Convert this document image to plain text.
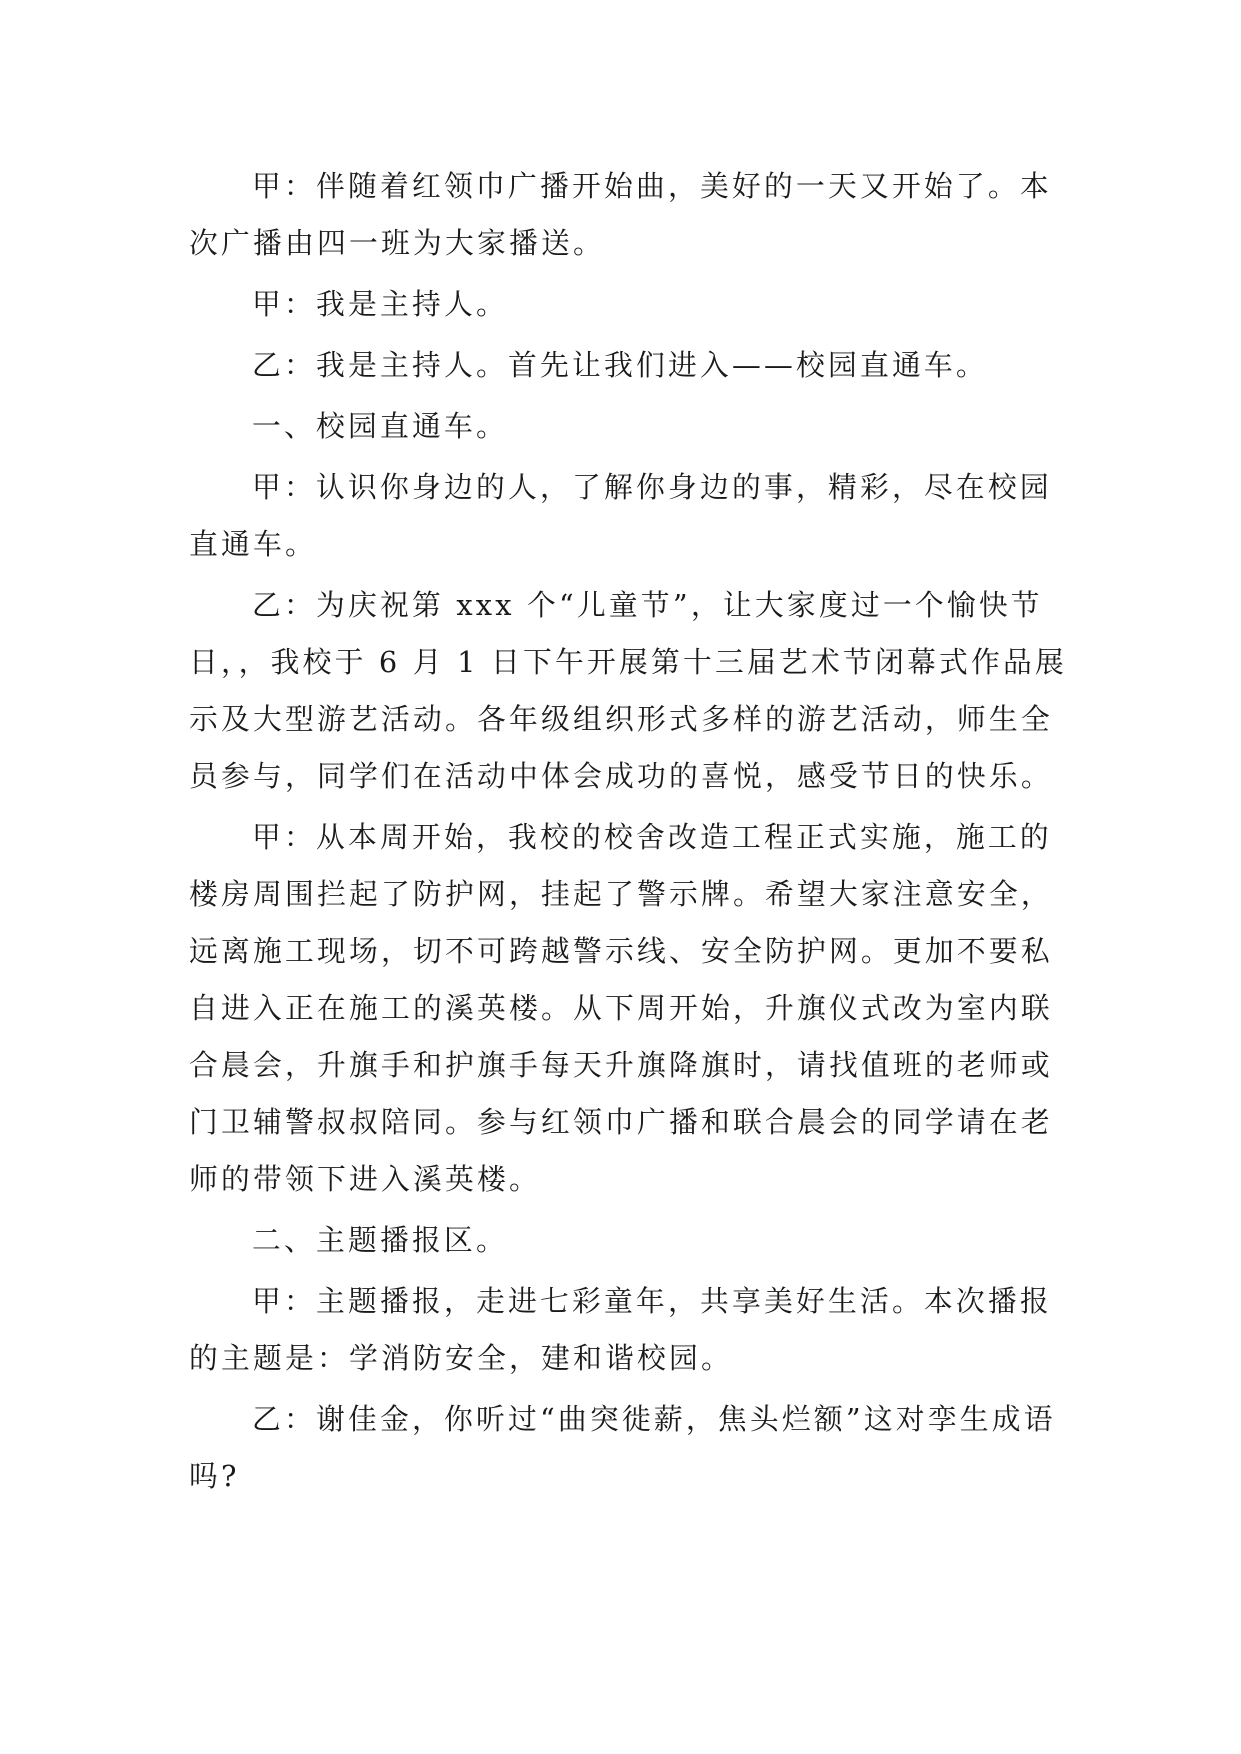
甲：伴随着红领巾广播开始曲，美好的一天又开始了。本次广播由四一班为大家播送。

甲：我是主持人。

乙：我是主持人。首先让我们进入——校园直通车。

一、校园直通车。

甲：认识你身边的人，了解你身边的事，精彩，尽在校园直通车。

乙：为庆祝第 xxx 个“儿童节”，让大家度过一个愉快节日，，我校于 6 月 1 日下午开展第十三届艺术节闭幕式作品展示及大型游艺活动。各年级组织形式多样的游艺活动，师生全员参与，同学们在活动中体会成功的喜悦，感受节日的快乐。

甲：从本周开始，我校的校舍改造工程正式实施，施工的楼房周围拦起了防护网，挂起了警示牌。希望大家注意安全，远离施工现场，切不可跨越警示线、安全防护网。更加不要私自进入正在施工的溪英楼。从下周开始，升旗仪式改为室内联合晨会，升旗手和护旗手每天升旗降旗时，请找值班的老师或门卫辅警叔叔陪同。参与红领巾广播和联合晨会的同学请在老师的带领下进入溪英楼。

二、主题播报区。

甲：主题播报，走进七彩童年，共享美好生活。本次播报的主题是：学消防安全，建和谐校园。

乙：谢佳金，你听过“曲突徙薪，焦头烂额”这对孪生成语吗?
